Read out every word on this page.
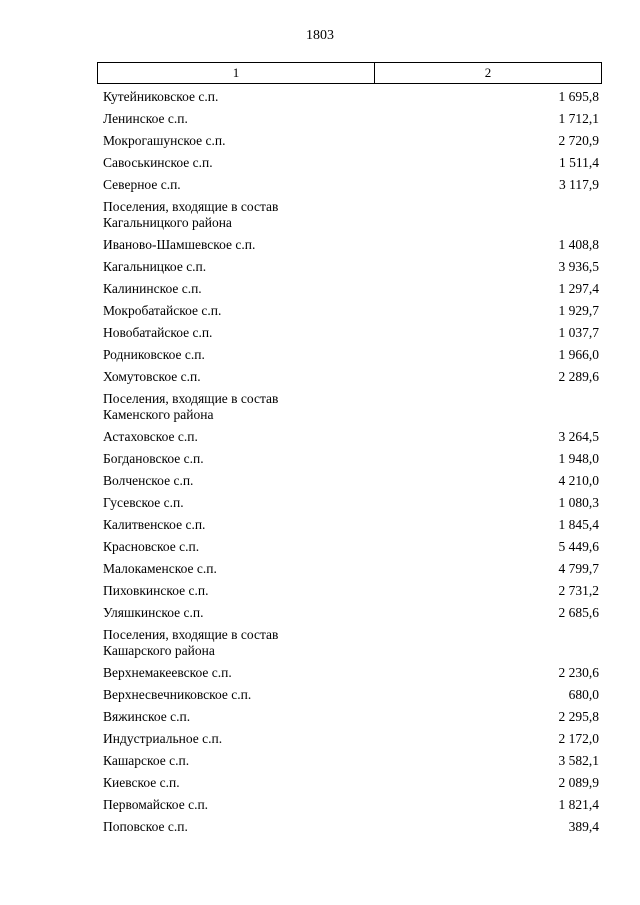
1803
1	2
Кутейниковское с.п.	1 695,8
Ленинское с.п.	1 712,1
Мокрогашунское с.п.	2 720,9
Савоськинское с.п.	1 511,4
Северное с.п.	3 117,9
Поселения, входящие в состав
Кагальницкого района
Иваново-Шамшевское с.п.	1 408,8
Кагальницкое с.п.	3 936,5
Калининское с.п.	1 297,4
Мокробатайское с.п.	1 929,7
Новобатайское с.п.	1 037,7
Родниковское с.п.	1 966,0
Хомутовское с.п.	2 289,6
Поселения, входящие в состав
Каменского района
Астаховское с.п.	3 264,5
Богдановское с.п.	1 948,0
Волченское с.п.	4 210,0
Гусевское с.п.	1 080,3
Калитвенское с.п.	1 845,4
Красновское с.п.	5 449,6
Малокаменское с.п.	4 799,7
Пиховкинское с.п.	2 731,2
Уляшкинское с.п.	2 685,6
Поселения, входящие в состав
Кашарского района
Верхнемакеевское с.п.	2 230,6
Верхнесвечниковское с.п.	680,0
Вяжинское с.п.	2 295,8
Индустриальное с.п.	2 172,0
Кашарское с.п.	3 582,1
Киевское с.п.	2 089,9
Первомайское с.п.	1 821,4
Поповское с.п.	389,4
